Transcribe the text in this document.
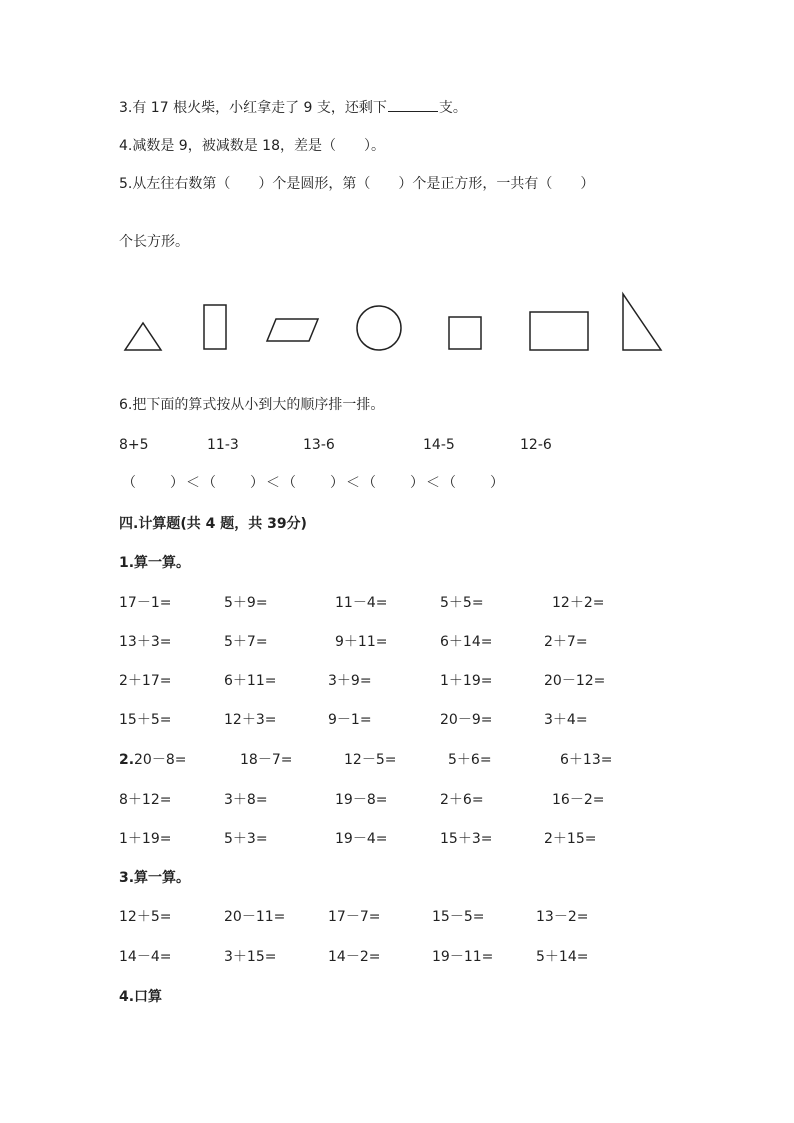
3.有 17 根火柴，小红拿走了 9 支，还剩下	支。
4.减数是 9，被减数是 18，差是（　　）。
5.从左往右数第（　　）个是圆形，第（　　）个是正方形，一共有（　　）
个长方形。
6.把下面的算式按从小到大的顺序排一排。
8+5	11-3	13-6	14-5	12-6
（　　）＜（　　）＜（　　）＜（　　）＜（　　）
四.计算题(共 4 题，共 39分)
1.算一算。
17－1=	5＋9=	11－4=	5＋5=	12＋2=
13＋3=	5＋7=	9＋11=	6＋14=	2＋7=
2＋17=	6＋11=	3＋9=	1＋19=	20－12=
15＋5=	12＋3=	9－1=	20－9=	3＋4=
2. 20－8=	18－7=	12－5=	5＋6=	6＋13=
8＋12=	3＋8=	19－8=	2＋6=	16－2=
1＋19=	5＋3=	19－4=	15＋3=	2＋15=
3.算一算。
12＋5=	20－11=	17－7=	15－5=	13－2=
14－4=	3＋15=	14－2=	19－11=	5＋14=
4.口算
